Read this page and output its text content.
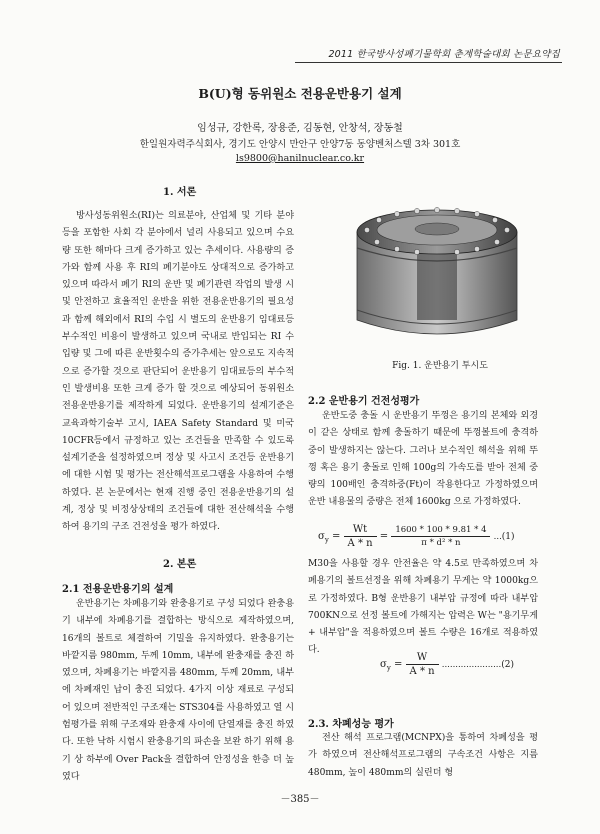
2011 한국방사성폐기물학회 춘계학술대회 논문요약집
B(U)형 동위원소 전용운반용기 설계
임성규, 강한록, 장용준, 김동현, 안창석, 장동철
한일원자력주식회사, 경기도 안양시 만안구 안양7동 동양벤처스텔 3차 301호
ls9800@hanilnuclear.co.kr
1. 서론

방사성동위원소(RI)는 의료분야, 산업체 및 기타 분야등을 포함한 사회 각 분야에서 널리 사용되고 있으며 수요량 또한 해마다 크게 증가하고 있는 추세이다. 사용량의 증가와 함께 사용 후 RI의 폐기분야도 상대적으로 증가하고 있으며 따라서 폐기 RI의 운반 및 폐기관련 작업의 발생 시 및 안전하고 효율적인 운반을 위한 전용운반용기의 필요성과 함께 해외에서 RI의 수입 시 별도의 운반용기 임대료등 부수적인 비용이 발생하고 있으며 국내로 반입되는 RI 수입량 및 그에 따른 운반횟수의 증가추세는 앞으로도 지속적으로 증가할 것으로 판단되어 운반용기 임대료등의 부수적인 발생비용 또한 크게 증가 할 것으로 예상되어 동위원소 전용운반용기를 제작하게 되었다. 운반용기의 설계기준은 교육과학기술부 고시, IAEA Safety Standard 및 미국 10CFR등에서 규정하고 있는 조건들을 만족할 수 있도록 설계기준을 설정하였으며 정상 및 사고시 조건등 운반용기에 대한 시험 및 평가는 전산해석프로그램을 사용하여 수행하였다. 본 논문에서는 현재 진행 중인 전용운반용기의 설계, 정상 및 비정상상태의 조건들에 대한 전산해석을 수행하여 용기의 구조 건전성을 평가 하였다.

2. 본론
2.1 전용운반용기의 설계

운반용기는 차폐용기와 완충용기로 구성 되었다 완충용기 내부에 차폐용기를 결합하는 방식으로 제작하였으며, 16개의 볼트로 체결하여 기밀을 유지하였다. 완충용기는 바깥지름 980mm, 두께 10mm, 내부에 완충재를 충진 하였으며, 차폐용기는 바깥지름 480mm, 두께 20mm, 내부에 차폐재인 납이 충진 되었다. 4가지 이상 재료로 구성되어 있으며 전반적인 구조재는 STS304를 사용하였고 열 시험평가를 위해 구조재와 완충재 사이에 단열재를 충진 하였다. 또한 낙하 시험시 완충용기의 파손을 보완 하기 위해 용기 상 하부에 Over Pack을 결합하여 안정성을 한층 더 높였다

Fig. 1. 운반용기 투시도
2.2 운반용기 건전성평가

운반도중 충돌 시 운반용기 뚜껑은 용기의 본체와 외경이 같은 상태로 함께 충돌하기 때문에 뚜껑볼트에 충격하중이 발생하지는 않는다. 그러나 보수적인 해석을 위해 뚜껑 혹은 용기 충돌로 인해 100g의 가속도를 받아 전체 중량의 100배인 충격하중(Ft)이 작용한다고 가정하였으며 운반 내용물의 중량은 전체 1600kg 으로 가정하였다.

$\sigma_y = \frac{Wt}{A * n} = \frac{1600 * 100 * 9.81 * 4}{\text{π * d² * n}} ...(1)$

M30을 사용할 경우 안전율은 약 4.5로 만족하였으며 차폐용기의 볼트선정을 위해 차폐용기 무게는 약 1000kg으로 가정하였다. B형 운반용기 내부압 규정에 따라 내부압 700KN으로 선정 볼트에 가해지는 압력은 W는 "용기무게 + 내부압"을 적용하였으며 볼트 수량은 16개로 적용하였다.

$\sigma_y = \frac{W}{A * n} ......................(2)$
2.3. 차폐성능 평가

전산 해석 프로그램(MCNPX)을 통하여 차폐성을 평가 하였으며 전산해석프로그램의 구속조건 사항은 지름 480mm, 높이 480mm의 실린더 형

－385－
